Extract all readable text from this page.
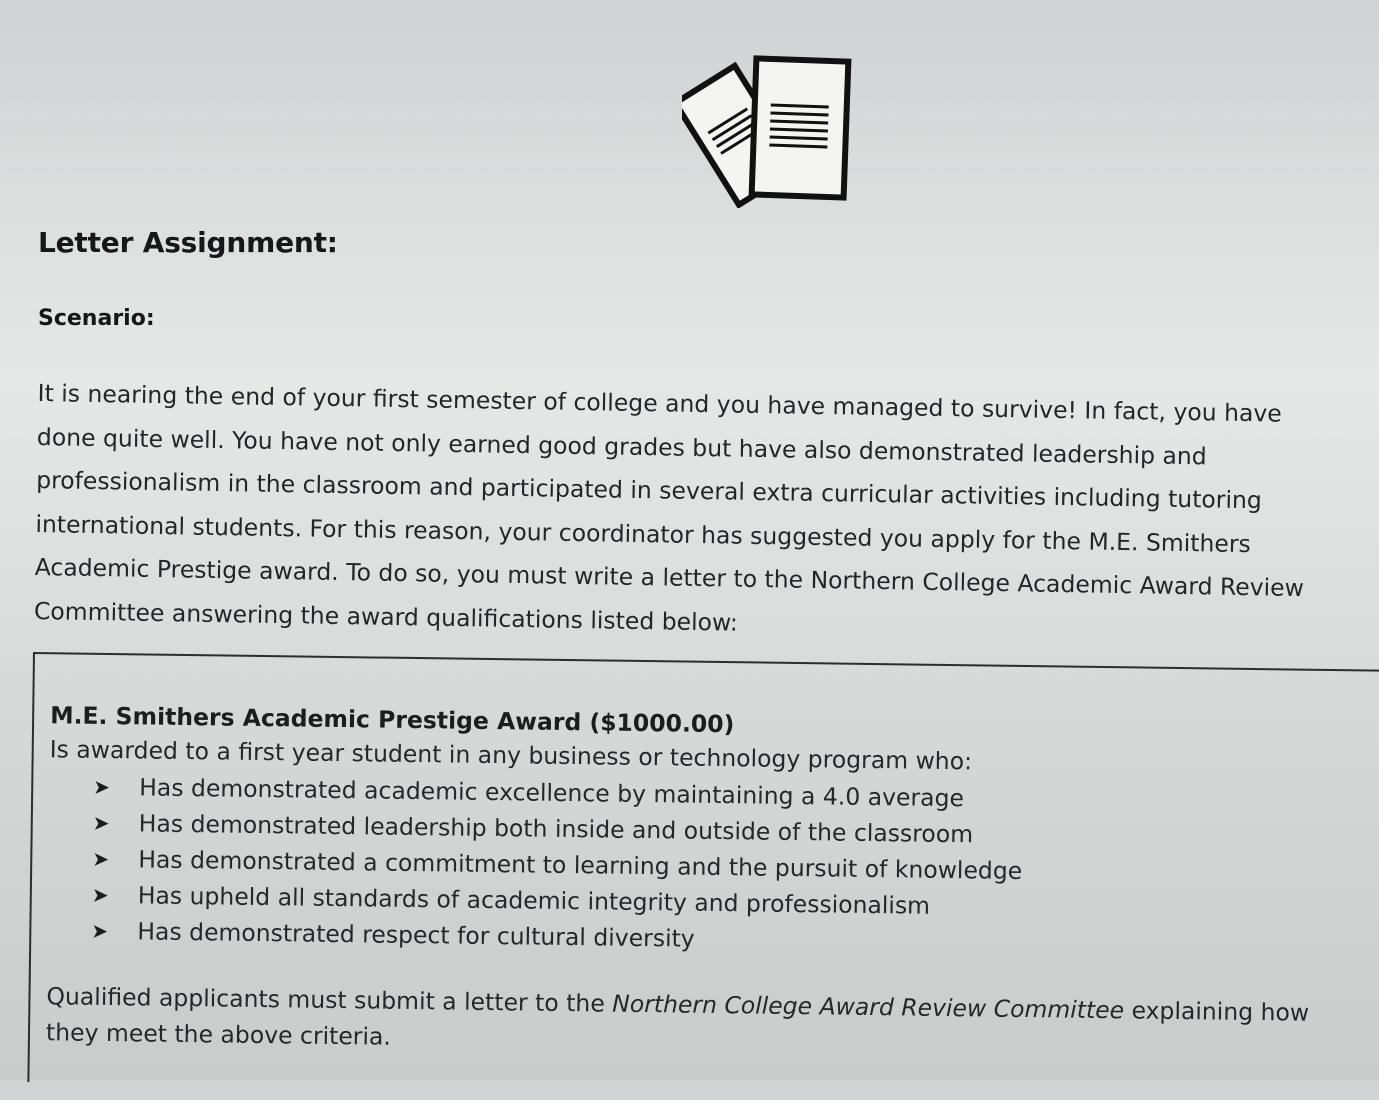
Letter Assignment:
Scenario:
It is nearing the end of your first semester of college and you have managed to survive! In fact, you have
done quite well. You have not only earned good grades but have also demonstrated leadership and
professionalism in the classroom and participated in several extra curricular activities including tutoring
international students. For this reason, your coordinator has suggested you apply for the M.E. Smithers
Academic Prestige award. To do so, you must write a letter to the Northern College Academic Award Review
Committee answering the award qualifications listed below:
M.E. Smithers Academic Prestige Award ($1000.00)
Is awarded to a first year student in any business or technology program who:
➤	Has demonstrated academic excellence by maintaining a 4.0 average
➤	Has demonstrated leadership both inside and outside of the classroom
➤	Has demonstrated a commitment to learning and the pursuit of knowledge
➤	Has upheld all standards of academic integrity and professionalism
➤	Has demonstrated respect for cultural diversity
Qualified applicants must submit a letter to the Northern College Award Review Committee explaining how they meet the above criteria.
